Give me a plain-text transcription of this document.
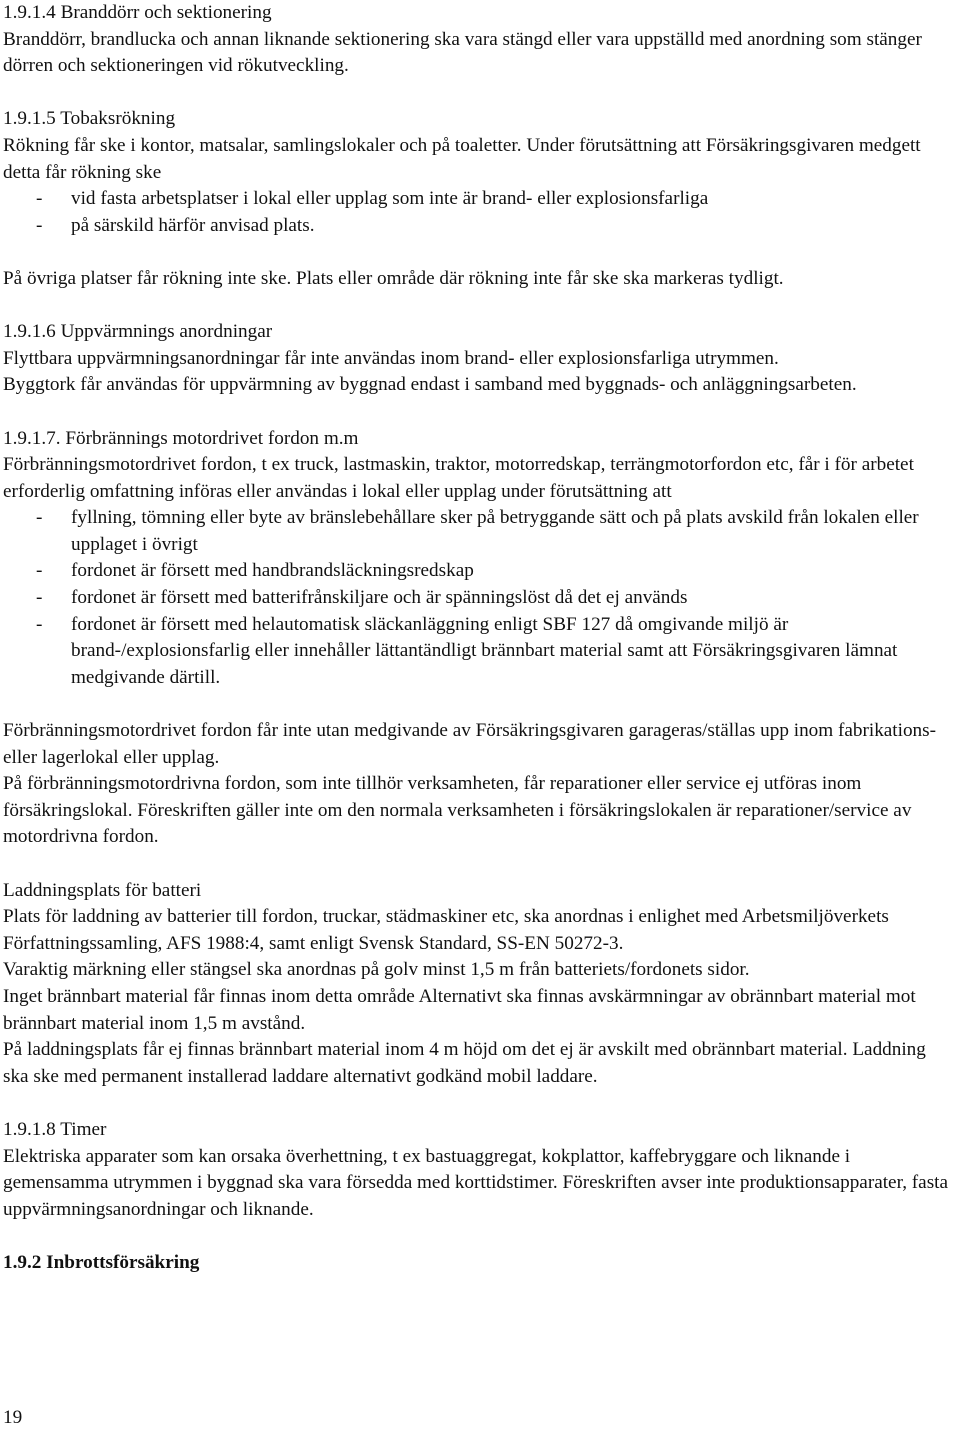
1.9.1.4 Branddörr och sektionering
Branddörr, brandlucka och annan liknande sektionering ska vara stängd eller vara uppställd med anordning som stänger dörren och sektioneringen vid rökutveckling.
1.9.1.5 Tobaksrökning
Rökning får ske i kontor, matsalar, samlingslokaler och på toaletter. Under förutsättning att Försäkringsgivaren medgett detta får rökning ske
-	vid fasta arbetsplatser i lokal eller upplag som inte är brand- eller explosionsfarliga
-	på särskild härför anvisad plats.
På övriga platser får rökning inte ske. Plats eller område där rökning inte får ske ska markeras tydligt.
1.9.1.6 Uppvärmnings anordningar
Flyttbara uppvärmningsanordningar får inte användas inom brand- eller explosionsfarliga utrymmen.
Byggtork får användas för uppvärmning av byggnad endast i samband med byggnads- och anläggningsarbeten.
1.9.1.7. Förbrännings motordrivet fordon m.m
Förbränningsmotordrivet fordon, t ex truck, lastmaskin, traktor, motorredskap, terrängmotorfordon etc, får i för arbetet erforderlig omfattning införas eller användas i lokal eller upplag under förutsättning att
-	fyllning, tömning eller byte av bränslebehållare sker på betryggande sätt och på plats avskild från lokalen eller upplaget i övrigt
-	fordonet är försett med handbrandsläckningsredskap
-	fordonet är försett med batterifrånskiljare och är spänningslöst då det ej används
-	fordonet är försett med helautomatisk släckanläggning enligt SBF 127 då omgivande miljö är brand-/explosionsfarlig eller innehåller lättantändligt brännbart material samt att Försäkringsgivaren lämnat medgivande därtill.
Förbränningsmotordrivet fordon får inte utan medgivande av Försäkringsgivaren garageras/ställas upp inom fabrikations- eller lagerlokal eller upplag.
På förbränningsmotordrivna fordon, som inte tillhör verksamheten, får reparationer eller service ej utföras inom försäkringslokal. Föreskriften gäller inte om den normala verksamheten i försäkringslokalen är reparationer/service av motordrivna fordon.
Laddningsplats för batteri
Plats för laddning av batterier till fordon, truckar, städmaskiner etc, ska anordnas i enlighet med Arbetsmiljöverkets Författningssamling, AFS 1988:4, samt enligt Svensk Standard, SS-EN 50272-3.
Varaktig märkning eller stängsel ska anordnas på golv minst 1,5 m från batteriets/fordonets sidor.
Inget brännbart material får finnas inom detta område Alternativt ska finnas avskärmningar av obrännbart material mot brännbart material inom 1,5 m avstånd.
På laddningsplats får ej finnas brännbart material inom 4 m höjd om det ej är avskilt med obrännbart material. Laddning ska ske med permanent installerad laddare alternativt godkänd mobil laddare.
1.9.1.8 Timer
Elektriska apparater som kan orsaka överhettning, t ex bastuaggregat, kokplattor, kaffebryggare och liknande i gemensamma utrymmen i byggnad ska vara försedda med korttidstimer. Föreskriften avser inte produktionsapparater, fasta uppvärmningsanordningar och liknande.
1.9.2 Inbrottsförsäkring
19
